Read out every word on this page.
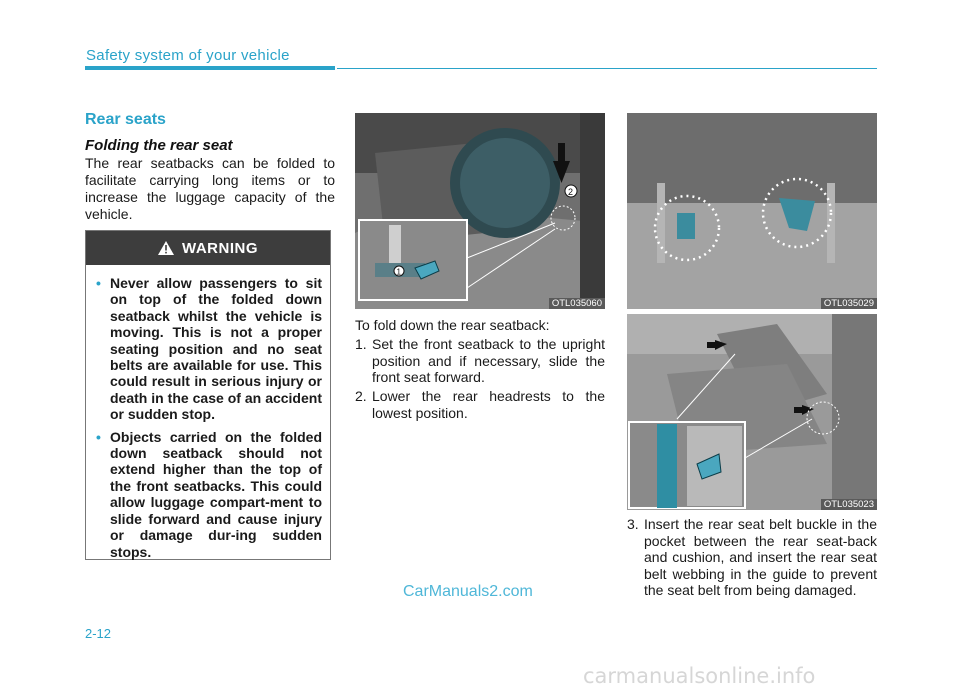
Safety system of your vehicle
Rear seats
Folding the rear seat
The rear seatbacks can be folded to facilitate carrying long items or to increase the luggage capacity of the vehicle.
WARNING
• Never allow passengers to sit on top of the folded down seatback whilst the vehicle is moving. This is not a proper seating position and no seat belts are available for use. This could result in serious injury or death in the case of an accident or sudden stop.
• Objects carried on the folded down seatback should not extend higher than the top of the front seatbacks. This could allow luggage compart-ment to slide forward and cause injury or damage dur-ing sudden stops.
2
1
OTL035060
To fold down the rear seatback:
1. Set the front seatback to the upright position and if necessary, slide the front seat forward.
2. Lower the rear headrests to the lowest position.
OTL035029
OTL035023
3. Insert the rear seat belt buckle in the pocket between the rear seat-back and cushion, and insert the rear seat belt webbing in the guide to prevent the seat belt from being damaged.
CarManuals2.com
2-12
carmanualsonline.info
